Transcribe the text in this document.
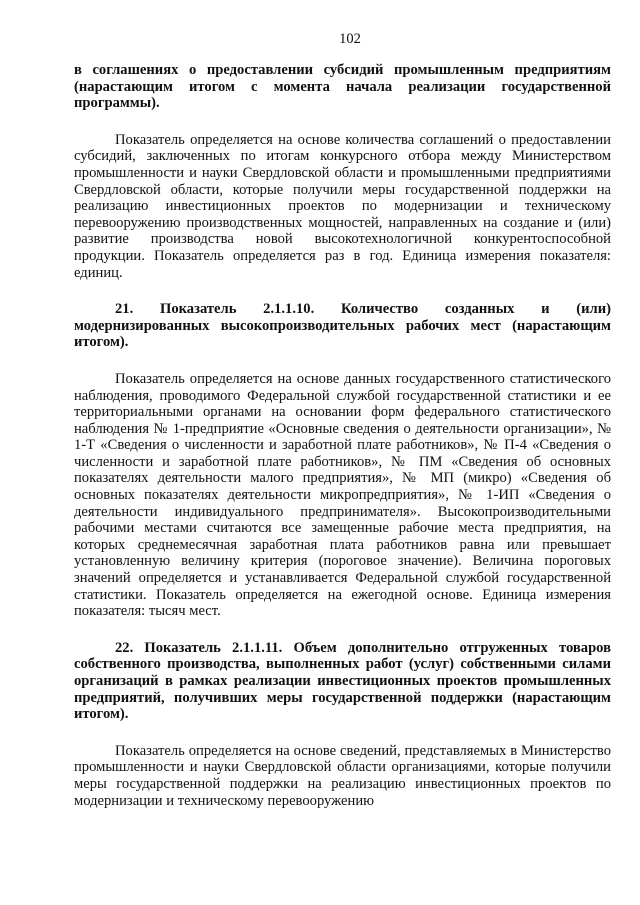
102

в соглашениях о предоставлении субсидий промышленным предприятиям (нарастающим итогом с момента начала реализации государственной программы).

Показатель определяется на основе количества соглашений о предоставлении субсидий, заключенных по итогам конкурсного отбора между Министерством промышленности и науки Свердловской области и промышленными предприятиями Свердловской области, которые получили меры государственной поддержки на реализацию инвестиционных проектов по модернизации и техническому перевооружению производственных мощностей, направленных на создание и (или) развитие производства новой высокотехнологичной конкурентоспособной продукции. Показатель определяется раз в год. Единица измерения показателя: единиц.

21. Показатель 2.1.1.10. Количество созданных и (или) модернизированных высокопроизводительных рабочих мест (нарастающим итогом).

Показатель определяется на основе данных государственного статистического наблюдения, проводимого Федеральной службой государственной статистики и ее территориальными органами на основании форм федерального статистического наблюдения № 1-предприятие «Основные сведения о деятельности организации», № 1-Т «Сведения о численности и заработной плате работников», № П-4 «Сведения о численности и заработной плате работников», № ПМ «Сведения об основных показателях деятельности малого предприятия», № МП (микро) «Сведения об основных показателях деятельности микропредприятия», № 1-ИП «Сведения о деятельности индивидуального предпринимателя». Высокопроизводительными рабочими местами считаются все замещенные рабочие места предприятия, на которых среднемесячная заработная плата работников равна или превышает установленную величину критерия (пороговое значение). Величина пороговых значений определяется и устанавливается Федеральной службой государственной статистики. Показатель определяется на ежегодной основе. Единица измерения показателя: тысяч мест.

22. Показатель 2.1.1.11. Объем дополнительно отгруженных товаров собственного производства, выполненных работ (услуг) собственными силами организаций в рамках реализации инвестиционных проектов промышленных предприятий, получивших меры государственной поддержки (нарастающим итогом).

Показатель определяется на основе сведений, представляемых в Министерство промышленности и науки Свердловской области организациями, которые получили меры государственной поддержки на реализацию инвестиционных проектов по модернизации и техническому перевооружению
